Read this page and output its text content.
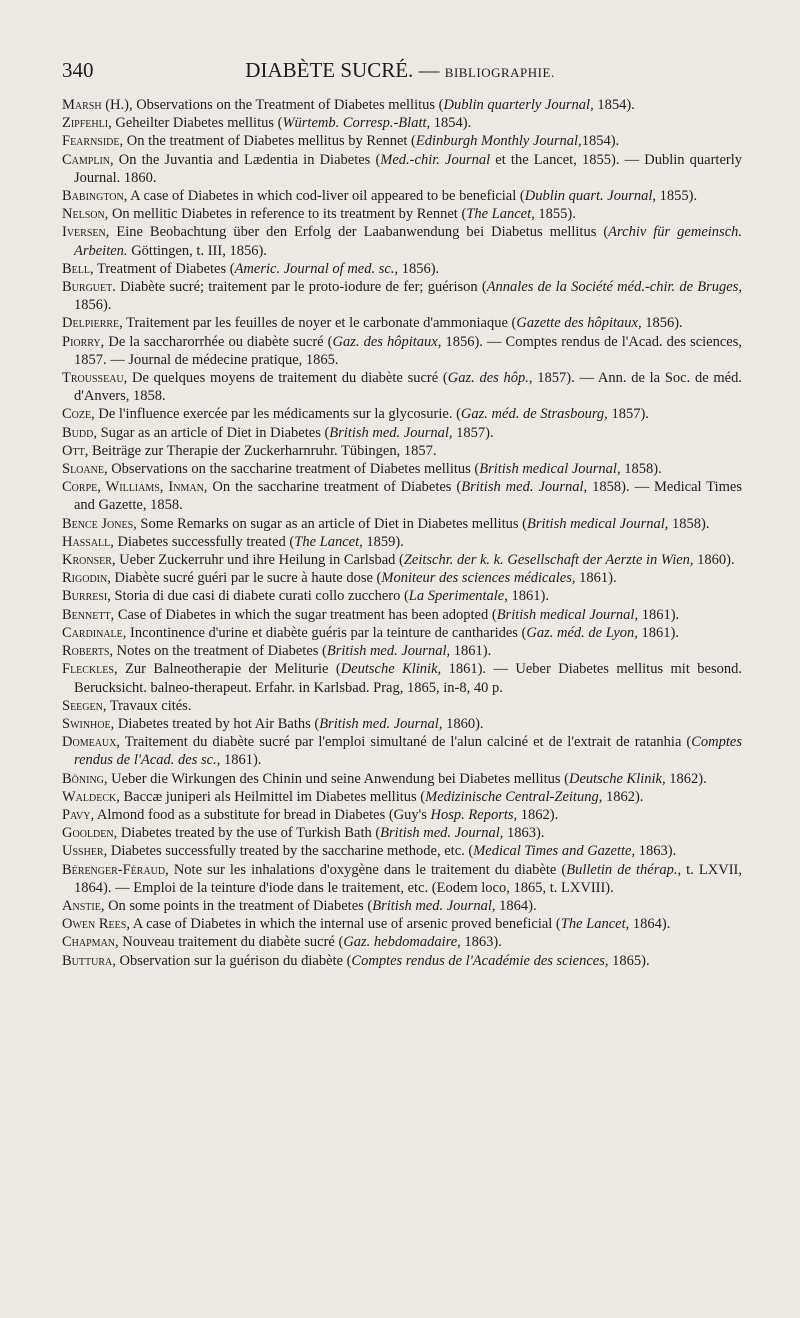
340	DIABÈTE SUCRÉ. — BIBLIOGRAPHIE.
Marsh (H.), Observations on the Treatment of Diabetes mellitus (Dublin quarterly Journal, 1854).
Zipfehli, Geheilter Diabetes mellitus (Würtemb. Corresp.-Blatt, 1854).
Fearnside, On the treatment of Diabetes mellitus by Rennet (Edinburgh Monthly Journal,1854).
Camplin, On the Juvantia and Lædentia in Diabetes (Med.-chir. Journal et the Lancet, 1855). — Dublin quarterly Journal. 1860.
Babington, A case of Diabetes in which cod-liver oil appeared to be beneficial (Dublin quart. Journal, 1855).
Nelson, On mellitic Diabetes in reference to its treatment by Rennet (The Lancet, 1855).
Iversen, Eine Beobachtung über den Erfolg der Laabanwendung bei Diabetus mellitus (Archiv für gemeinsch. Arbeiten. Göttingen, t. III, 1856).
Bell, Treatment of Diabetes (Americ. Journal of med. sc., 1856).
Burguet. Diabète sucré; traitement par le proto-iodure de fer; guérison (Annales de la Société méd.-chir. de Bruges, 1856).
Delpierre, Traitement par les feuilles de noyer et le carbonate d'ammoniaque (Gazette des hôpitaux, 1856).
Piorry, De la saccharorrhée ou diabète sucré (Gaz. des hôpitaux, 1856). — Comptes rendus de l'Acad. des sciences, 1857. — Journal de médecine pratique, 1865.
Trousseau, De quelques moyens de traitement du diabète sucré (Gaz. des hôp., 1857). — Ann. de la Soc. de méd. d'Anvers, 1858.
Coze, De l'influence exercée par les médicaments sur la glycosurie. (Gaz. méd. de Strasbourg, 1857).
Budd, Sugar as an article of Diet in Diabetes (British med. Journal, 1857).
Ott, Beiträge zur Therapie der Zuckerharnruhr. Tübingen, 1857.
Sloane, Observations on the saccharine treatment of Diabetes mellitus (British medical Journal, 1858).
Corpe, Williams, Inman, On the saccharine treatment of Diabetes (British med. Journal, 1858). — Medical Times and Gazette, 1858.
Bence Jones, Some Remarks on sugar as an article of Diet in Diabetes mellitus (British medical Journal, 1858).
Hassall, Diabetes successfully treated (The Lancet, 1859).
Kronser, Ueber Zuckerruhr und ihre Heilung in Carlsbad (Zeitschr. der k. k. Gesellschaft der Aerzte in Wien, 1860).
Rigodin, Diabète sucré guéri par le sucre à haute dose (Moniteur des sciences médicales, 1861).
Burresi, Storia di due casi di diabete curati collo zucchero (La Sperimentale, 1861).
Bennett, Case of Diabetes in which the sugar treatment has been adopted (British medical Journal, 1861).
Cardinale, Incontinence d'urine et diabète guéris par la teinture de cantharides (Gaz. méd. de Lyon, 1861).
Roberts, Notes on the treatment of Diabetes (British med. Journal, 1861).
Fleckles, Zur Balneotherapie der Meliturie (Deutsche Klinik, 1861). — Ueber Diabetes mellitus mit besond. Berucksicht. balneo-therapeut. Erfahr. in Karlsbad. Prag, 1865, in-8, 40 p.
Seegen, Travaux cités.
Swinhoe, Diabetes treated by hot Air Baths (British med. Journal, 1860).
Domeaux, Traitement du diabète sucré par l'emploi simultané de l'alun calciné et de l'extrait de ratanhia (Comptes rendus de l'Acad. des sc., 1861).
Böning, Ueber die Wirkungen des Chinin und seine Anwendung bei Diabetes mellitus (Deutsche Klinik, 1862).
Waldeck, Baccæ juniperi als Heilmittel im Diabetes mellitus (Medizinische Central-Zeitung, 1862).
Pavy, Almond food as a substitute for bread in Diabetes (Guy's Hosp. Reports, 1862).
Goolden, Diabetes treated by the use of Turkish Bath (British med. Journal, 1863).
Ussher, Diabetes successfully treated by the saccharine methode, etc. (Medical Times and Gazette, 1863).
Bérenger-Féraud, Note sur les inhalations d'oxygène dans le traitement du diabète (Bulletin de thérap., t. LXVII, 1864). — Emploi de la teinture d'iode dans le traitement, etc. (Eodem loco, 1865, t. LXVIII).
Anstie, On some points in the treatment of Diabetes (British med. Journal, 1864).
Owen Rees, A case of Diabetes in which the internal use of arsenic proved beneficial (The Lancet, 1864).
Chapman, Nouveau traitement du diabète sucré (Gaz. hebdomadaire, 1863).
Buttura, Observation sur la guérison du diabète (Comptes rendus de l'Académie des sciences, 1865).
